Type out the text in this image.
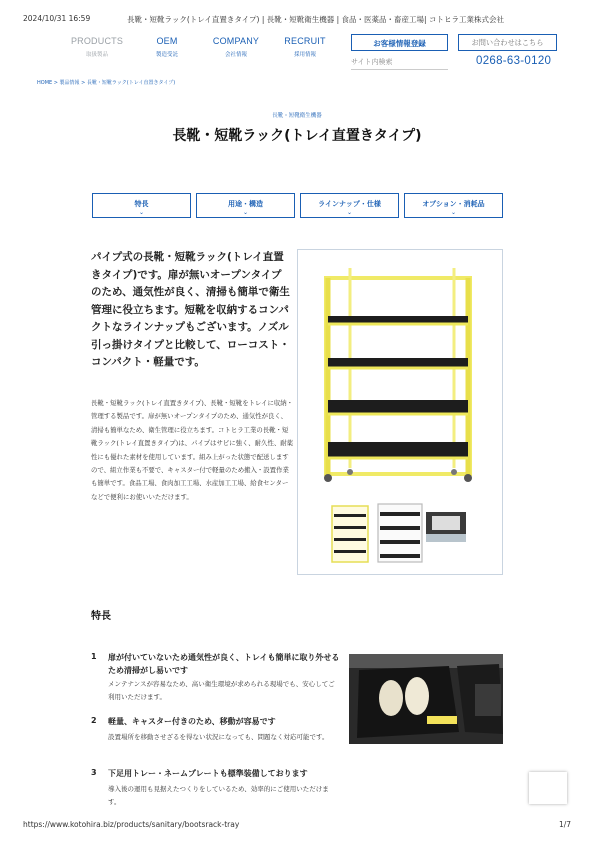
2024/10/31 16:59	長靴・短靴ラック(トレイ直置きタイプ) | 長靴・短靴衛生機器 | 食品・医薬品・畜産工場| コトヒラ工業株式会社
PRODUCTS
取扱製品
OEM
製造受託
COMPANY
会社情報
RECRUIT
採用情報
お客様情報登録	お問い合わせはこちら
サイト内検索
0268-63-0120
HOME > 製品情報 > 長靴・短靴ラック(トレイ直置きタイプ)
長靴・短靴衛生機器
長靴・短靴ラック(トレイ直置きタイプ)
特長
⌄
用途・構造
⌄
ラインナップ・仕様
⌄
オプション・消耗品
⌄
パイプ式の長靴・短靴ラック(トレイ直置きタイプ)です。扉が無いオープンタイプのため、通気性が良く、清掃も簡単で衛生管理に役立ちます。短靴を収納するコンパクトなラインナップもございます。ノズル引っ掛けタイプと比較して、ローコスト・コンパクト・軽量です。
長靴・短靴ラック(トレイ直置きタイプ)、長靴・短靴をトレイに収納・管理する製品です。扉が無いオープンタイプのため、通気性が良く、清掃も簡単なため、衛生管理に役立ちます。コトヒラ工業の長靴・短靴ラック(トレイ直置きタイプ)は、パイプはサビに強く、耐久性、耐薬性にも優れた素材を使用しています。組み上がった状態で配送しますので、組立作業も不要で、キャスター付で軽量のため搬入・設置作業も簡単です。食品工場、食肉加工工場、水産加工工場、給食センターなどで便利にお使いいただけます。
特長
1 扉が付いていないため通気性が良く、トレイも簡単に取り外せるため清掃がし易いです
メンテナンスが容易なため、高い衛生環境が求められる現場でも、安心してご利用いただけます。
2 軽量、キャスター付きのため、移動が容易です
設置場所を移動させざるを得ない状況になっても、問題なく対応可能です。
3 下足用トレー・ネームプレートも標準装備しております
導入後の運用も見据えたつくりをしているため、効率的にご使用いただけます。
https://www.kotohira.biz/products/sanitary/bootsrack-tray	1/7
